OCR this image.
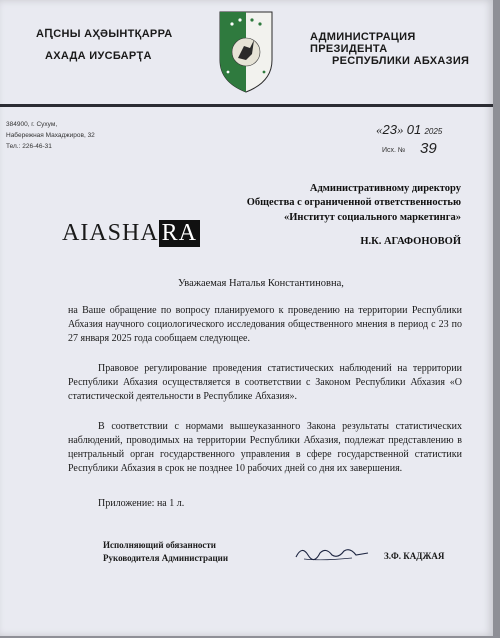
АԤСНЫ АҲӘЫНТҚАРРА
АХАДА ИУСБАРҬА
АДМИНИСТРАЦИЯ ПРЕЗИДЕНТА
РЕСПУБЛИКИ АБХАЗИЯ
384900, г. Сухум,
Набережная Махаджиров, 32
Тел.: 226-46-31
«23» 01 2025
Исх. № 39
Административному директору
Общества с ограниченной ответственностью
«Институт социального маркетинга»
AIASHA RA	Н.К. АГАФОНОВОЙ
Уважаемая Наталья Константиновна,

на Ваше обращение по вопросу планируемого к проведению на территории Республики Абхазия научного социологического исследования общественного мнения в период с 23 по 27 января 2025 года сообщаем следующее.

Правовое регулирование проведения статистических наблюдений на территории Республики Абхазия осуществляется в соответствии с Законом Республики Абхазия «О статистической деятельности в Республике Абхазия».

В соответствии с нормами вышеуказанного Закона результаты статистических наблюдений, проводимых на территории Республики Абхазия, подлежат представлению в центральный орган государственного управления в сфере государственной статистики Республики Абхазия в срок не позднее 10 рабочих дней со дня их завершения.

Приложение: на 1 л.
Исполняющий обязанности
Руководителя Администрации	З.Ф. КАДЖАЯ
